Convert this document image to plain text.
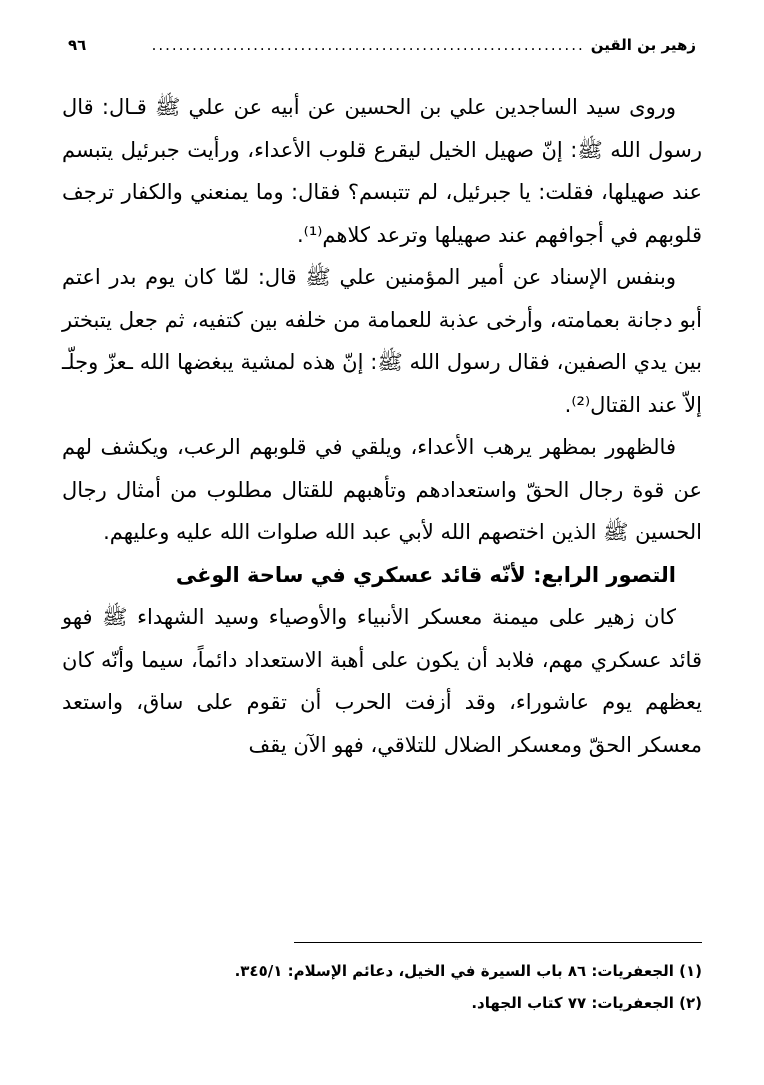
زهير بن القين
................................................................
٩٦

وروى سيد الساجدين علي بن الحسين عن أبيه عن علي ﷺ قـال: قال رسول الله ﷺ: إنّ صهيل الخيل ليقرع قلوب الأعداء، ورأيت جبرئيل يتبسم عند صهيلها، فقلت: يا جبرئيل، لم تتبسم؟ فقال: وما يمنعني والكفار ترجف قلوبهم في أجوافهم عند صهيلها وترعد كلاهم⁽¹⁾.

وبنفس الإسناد عن أمير المؤمنين علي ﷺ قال: لمّا كان يوم بدر اعتم أبو دجانة بعمامته، وأرخى عذبة للعمامة من خلفه بين كتفيه، ثم جعل يتبختر بين يدي الصفين، فقال رسول الله ﷺ: إنّ هذه لمشية يبغضها الله ـعزّ وجلّـ إلاّ عند القتال⁽²⁾.

فالظهور بمظهر يرهب الأعداء، ويلقي في قلوبهم الرعب، ويكشف لهم عن قوة رجال الحقّ واستعدادهم وتأهبهم للقتال مطلوب من أمثال رجال الحسين ﷺ الذين اختصهم الله لأبي عبد الله صلوات الله عليه وعليهم.

التصور الرابع: لأنّه قائد عسكري في ساحة الوغى

كان زهير على ميمنة معسكر الأنبياء والأوصياء وسيد الشهداء ﷺ فهو قائد عسكري مهم، فلابد أن يكون على أهبة الاستعداد دائماً، سيما وأنّه كان يعظهم يوم عاشوراء، وقد أزفت الحرب أن تقوم على ساق، واستعد معسكر الحقّ ومعسكر الضلال للتلاقي، فهو الآن يقف

(١) الجعفريات: ٨٦ باب السيرة في الخيل، دعائم الإسلام: ٣٤٥/١.

(٢) الجعفريات: ٧٧ كتاب الجهاد.
